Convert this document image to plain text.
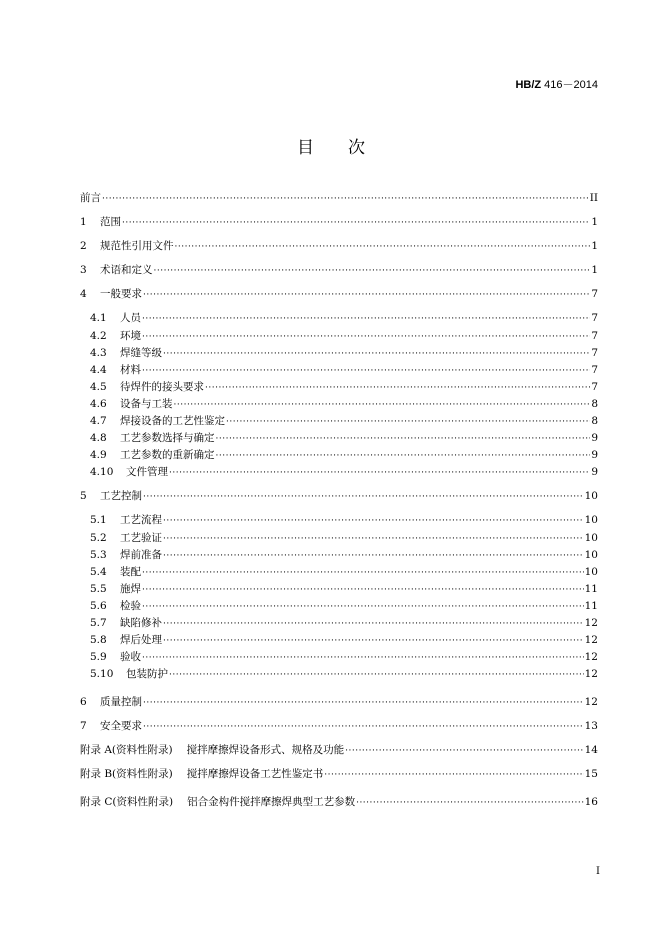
HB/Z 416－2014
目 次
前言 ·····	II
1	范围 ·····	1
2	规范性引用文件 ·····	1
3	术语和定义 ·····	1
4	一般要求 ·····	7
4.1	人员 ·····	7
4.2	环境 ·····	7
4.3	焊缝等级 ·····	7
4.4	材料 ·····	7
4.5	待焊件的接头要求 ·····	7
4.6	设备与工装 ·····	8
4.7	焊接设备的工艺性鉴定 ·····	8
4.8	工艺参数选择与确定 ·····	9
4.9	工艺参数的重新确定 ·····	9
4.10	文件管理 ·····	9
5	工艺控制 ·····	10
5.1	工艺流程 ·····	10
5.2	工艺验证 ·····	10
5.3	焊前准备 ·····	10
5.4	装配 ·····	10
5.5	施焊 ·····	11
5.6	检验 ·····	11
5.7	缺陷修补 ·····	12
5.8	焊后处理 ·····	12
5.9	验收 ·····	12
5.10	包装防护 ·····	12
6	质量控制 ·····	12
7	安全要求 ·····	13
附录 A(资料性附录) 搅拌摩擦焊设备形式、规格及功能 ·····	14
附录 B(资料性附录) 搅拌摩擦焊设备工艺性鉴定书 ·····	15
附录 C(资料性附录) 铝合金构件搅拌摩擦焊典型工艺参数 ·····	16
I
